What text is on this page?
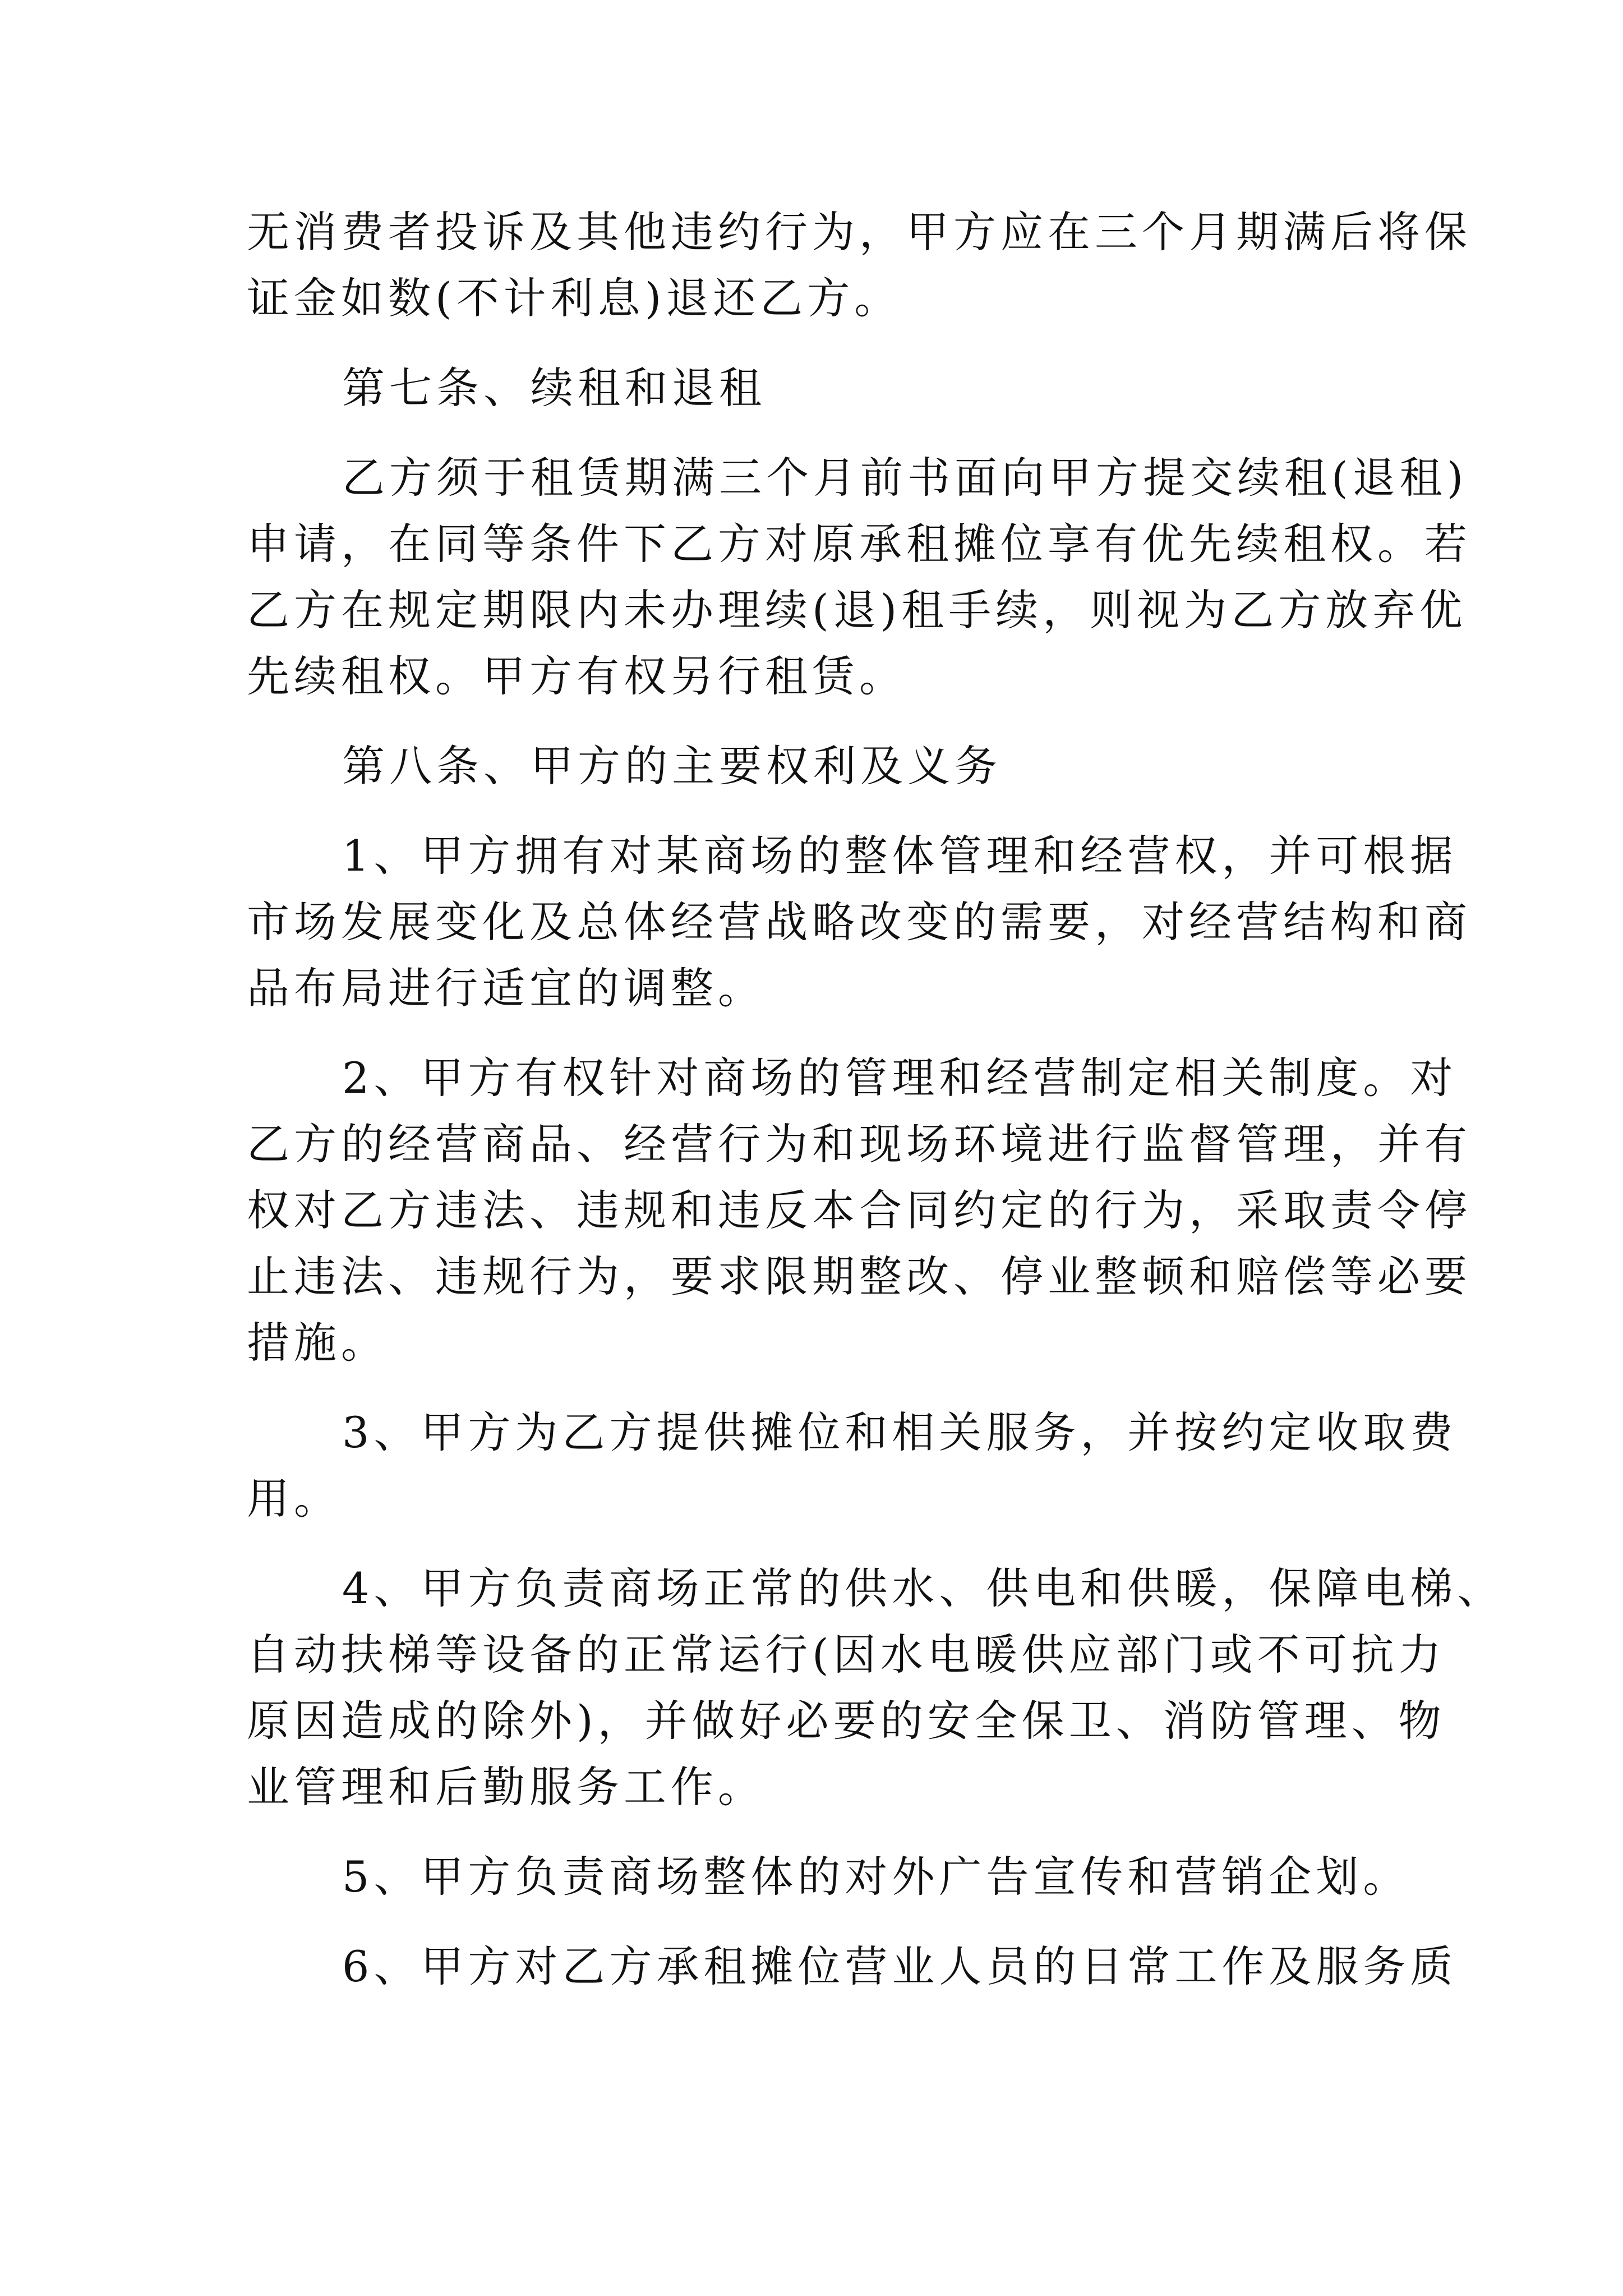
无消费者投诉及其他违约行为，甲方应在三个月期满后将保
证金如数(不计利息)退还乙方。

第七条、续租和退租

乙方须于租赁期满三个月前书面向甲方提交续租(退租)
申请，在同等条件下乙方对原承租摊位享有优先续租权。若
乙方在规定期限内未办理续(退)租手续，则视为乙方放弃优
先续租权。甲方有权另行租赁。

第八条、甲方的主要权利及义务

1、甲方拥有对某商场的整体管理和经营权，并可根据
市场发展变化及总体经营战略改变的需要，对经营结构和商
品布局进行适宜的调整。

2、甲方有权针对商场的管理和经营制定相关制度。对
乙方的经营商品、经营行为和现场环境进行监督管理，并有
权对乙方违法、违规和违反本合同约定的行为，采取责令停
止违法、违规行为，要求限期整改、停业整顿和赔偿等必要
措施。

3、甲方为乙方提供摊位和相关服务，并按约定收取费
用。

4、甲方负责商场正常的供水、供电和供暖，保障电梯、
自动扶梯等设备的正常运行(因水电暖供应部门或不可抗力
原因造成的除外)，并做好必要的安全保卫、消防管理、物
业管理和后勤服务工作。

5、甲方负责商场整体的对外广告宣传和营销企划。

6、甲方对乙方承租摊位营业人员的日常工作及服务质
